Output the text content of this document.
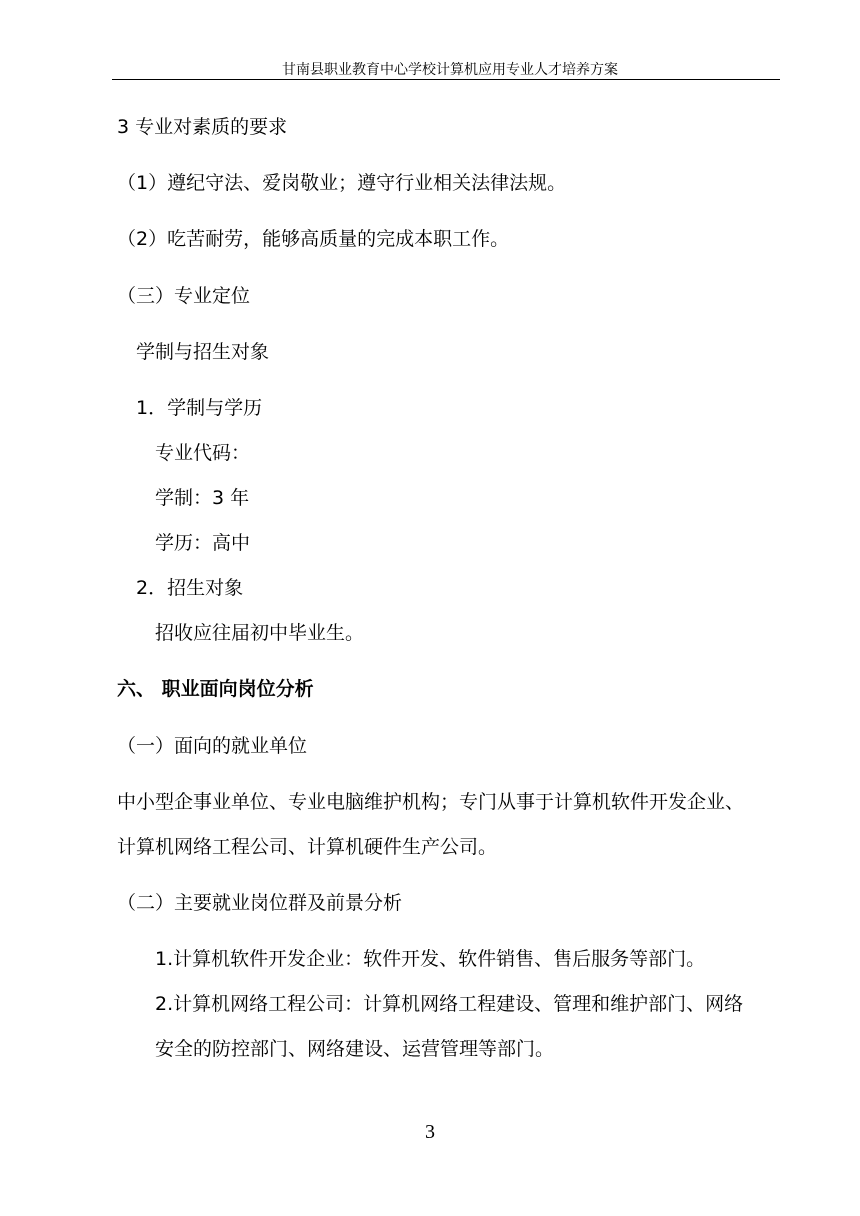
甘南县职业教育中心学校计算机应用专业人才培养方案
3 专业对素质的要求
（1）遵纪守法、爱岗敬业；遵守行业相关法律法规。
（2）吃苦耐劳，能够高质量的完成本职工作。
（三）专业定位
学制与招生对象
1．学制与学历
专业代码：
学制：3 年
学历：高中
2．招生对象
招收应往届初中毕业生。
六、 职业面向岗位分析
（一）面向的就业单位
中小型企事业单位、专业电脑维护机构；专门从事于计算机软件开发企业、
计算机网络工程公司、计算机硬件生产公司。
（二）主要就业岗位群及前景分析
1.计算机软件开发企业：软件开发、软件销售、售后服务等部门。
2.计算机网络工程公司：计算机网络工程建设、管理和维护部门、网络
安全的防控部门、网络建设、运营管理等部门。
3
